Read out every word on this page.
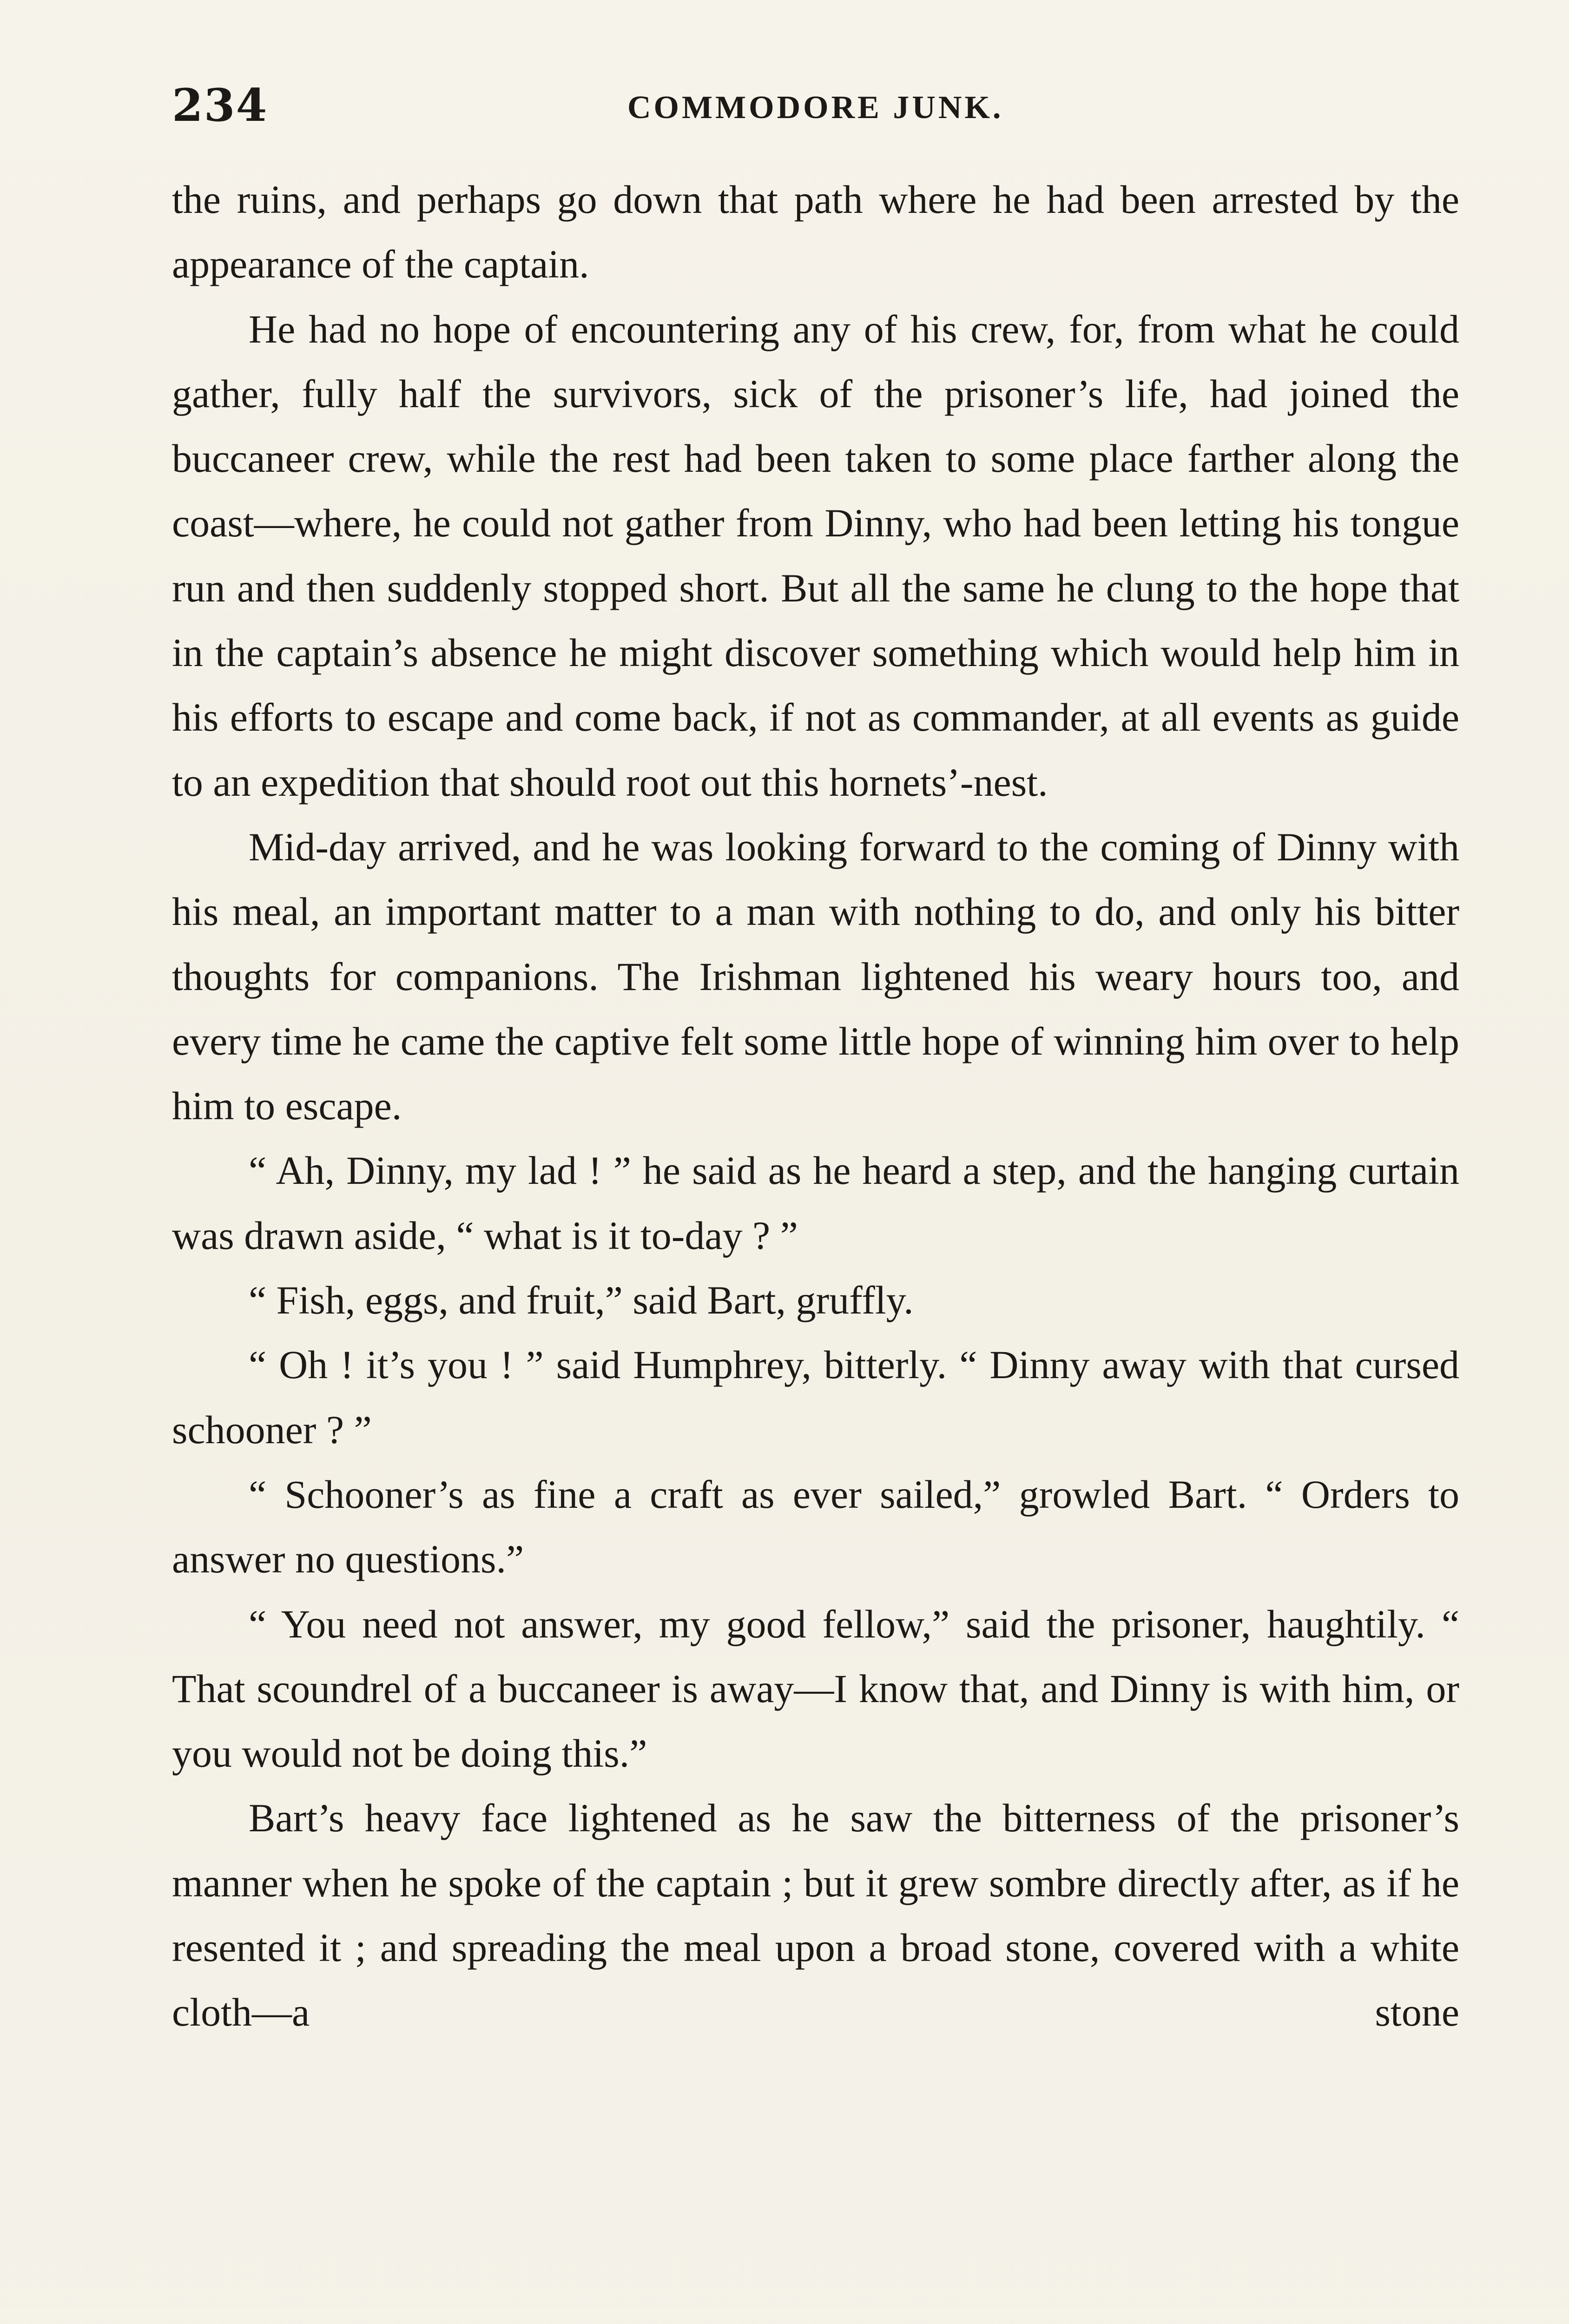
234	COMMODORE JUNK.

the ruins, and perhaps go down that path where he had been arrested by the appearance of the captain.

He had no hope of encountering any of his crew, for, from what he could gather, fully half the survivors, sick of the prisoner’s life, had joined the buccaneer crew, while the rest had been taken to some place farther along the coast—where, he could not gather from Dinny, who had been letting his tongue run and then suddenly stopped short. But all the same he clung to the hope that in the captain’s absence he might discover something which would help him in his efforts to escape and come back, if not as commander, at all events as guide to an expedition that should root out this hornets’-nest.

Mid-day arrived, and he was looking forward to the coming of Dinny with his meal, an important matter to a man with nothing to do, and only his bitter thoughts for companions. The Irishman lightened his weary hours too, and every time he came the captive felt some little hope of winning him over to help him to escape.

“ Ah, Dinny, my lad ! ” he said as he heard a step, and the hanging curtain was drawn aside, “ what is it to-day ? ”

“ Fish, eggs, and fruit,” said Bart, gruffly.

“ Oh ! it’s you ! ” said Humphrey, bitterly. “ Dinny away with that cursed schooner ? ”

“ Schooner’s as fine a craft as ever sailed,” growled Bart. “ Orders to answer no questions.”

“ You need not answer, my good fellow,” said the prisoner, haughtily. “ That scoundrel of a buccaneer is away—I know that, and Dinny is with him, or you would not be doing this.”

Bart’s heavy face lightened as he saw the bitterness of the prisoner’s manner when he spoke of the captain ; but it grew sombre directly after, as if he resented it ; and spreading the meal upon a broad stone, covered with a white cloth—a stone
